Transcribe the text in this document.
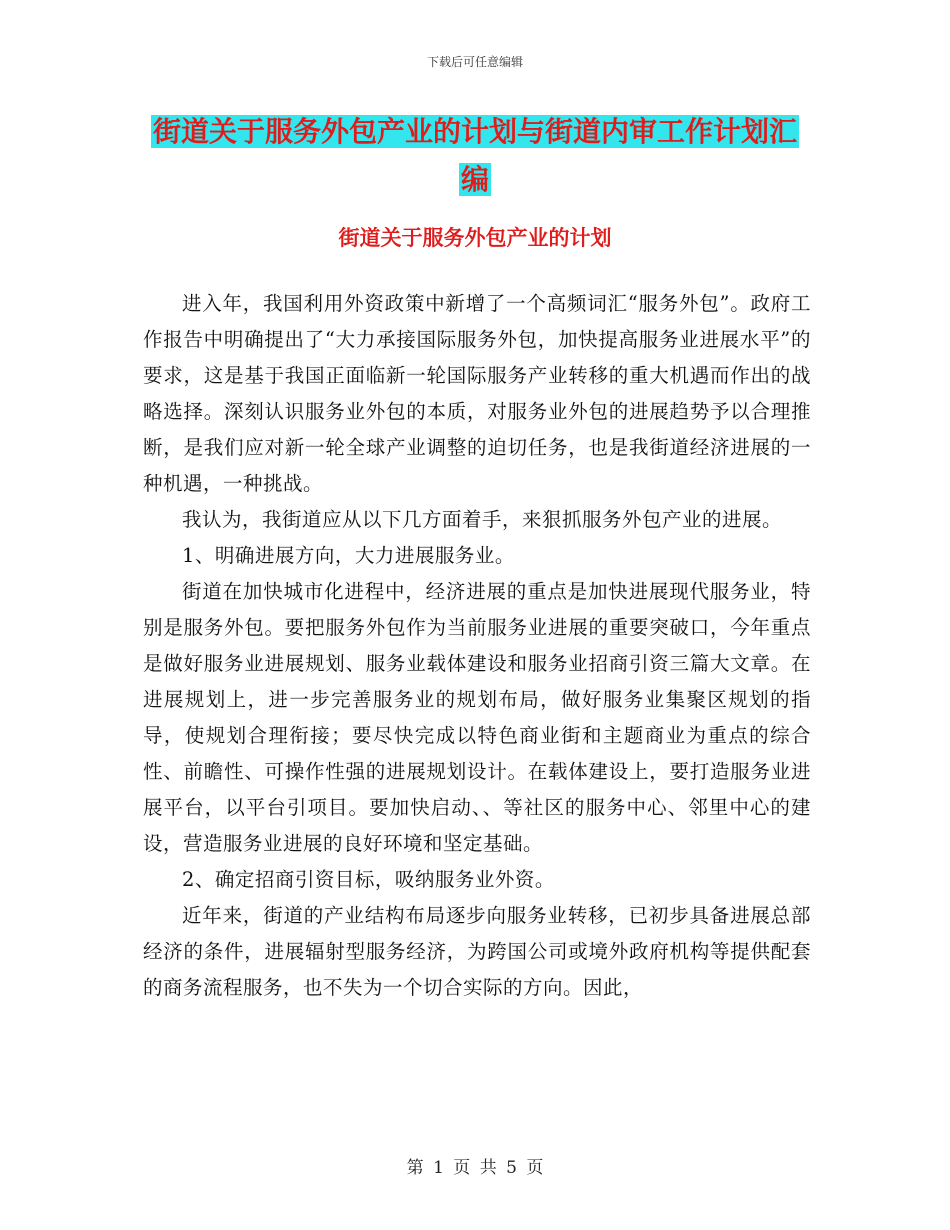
下载后可任意编辑
街道关于服务外包产业的计划与街道内审工作计划汇
编
街道关于服务外包产业的计划

进入年，我国利用外资政策中新增了一个高频词汇“服务外包”。政府工作报告中明确提出了“大力承接国际服务外包，加快提高服务业进展水平”的要求，这是基于我国正面临新一轮国际服务产业转移的重大机遇而作出的战略选择。深刻认识服务业外包的本质，对服务业外包的进展趋势予以合理推断，是我们应对新一轮全球产业调整的迫切任务，也是我街道经济进展的一种机遇，一种挑战。

我认为，我街道应从以下几方面着手，来狠抓服务外包产业的进展。

1、明确进展方向，大力进展服务业。

街道在加快城市化进程中，经济进展的重点是加快进展现代服务业，特别是服务外包。要把服务外包作为当前服务业进展的重要突破口，今年重点是做好服务业进展规划、服务业载体建设和服务业招商引资三篇大文章。在进展规划上，进一步完善服务业的规划布局，做好服务业集聚区规划的指导，使规划合理衔接；要尽快完成以特色商业街和主题商业为重点的综合性、前瞻性、可操作性强的进展规划设计。在载体建设上，要打造服务业进展平台，以平台引项目。要加快启动、、等社区的服务中心、邻里中心的建设，营造服务业进展的良好环境和坚定基础。

2、确定招商引资目标，吸纳服务业外资。

近年来，街道的产业结构布局逐步向服务业转移，已初步具备进展总部经济的条件，进展辐射型服务经济，为跨国公司或境外政府机构等提供配套的商务流程服务，也不失为一个切合实际的方向。因此，

第 1 页 共 5 页
